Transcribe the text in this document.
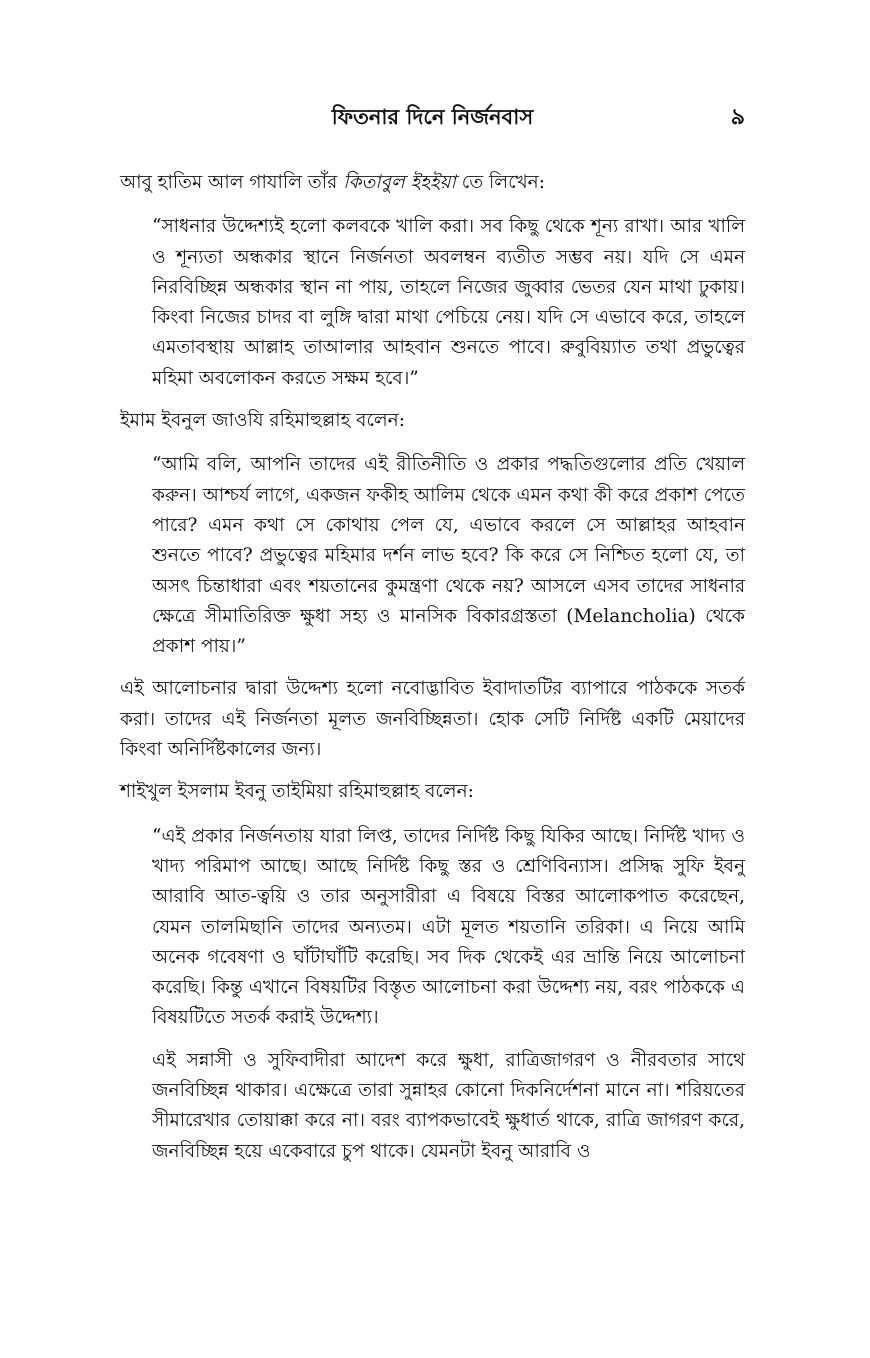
ফিতনার দিনে নির্জনবাস	৯

আবু হাতিম আল গাযালি তাঁর কিতাবুল ইহইয়া তে লিখেন:

“সাধনার উদ্দেশ্যই হলো কলবকে খালি করা। সব কিছু থেকে শূন্য রাখা। আর খালি ও শূন্যতা অন্ধকার স্থানে নির্জনতা অবলম্বন ব্যতীত সম্ভব নয়। যদি সে এমন নিরবিচ্ছিন্ন অন্ধকার স্থান না পায়, তাহলে নিজের জুব্বার ভেতর যেন মাথা ঢুকায়। কিংবা নিজের চাদর বা লুঙ্গি দ্বারা মাথা পেচিয়ে নেয়। যদি সে এভাবে করে, তাহলে এমতাবস্থায় আল্লাহ তাআলার আহবান শুনতে পাবে। রুবুবিয়্যাত তথা প্রভুত্বের মহিমা অবলোকন করতে সক্ষম হবে।”

ইমাম ইবনুল জাওযি রহিমাহুল্লাহ বলেন:

“আমি বলি, আপনি তাদের এই রীতিনীতি ও প্রকার পদ্ধতিগুলোর প্রতি খেয়াল করুন। আশ্চর্য লাগে, একজন ফকীহ আলিম থেকে এমন কথা কী করে প্রকাশ পেতে পারে? এমন কথা সে কোথায় পেল যে, এভাবে করলে সে আল্লাহর আহবান শুনতে পাবে? প্রভুত্বের মহিমার দর্শন লাভ হবে? কি করে সে নিশ্চিত হলো যে, তা অসৎ চিন্তাধারা এবং শয়তানের কুমন্ত্রণা থেকে নয়? আসলে এসব তাদের সাধনার ক্ষেত্রে সীমাতিরিক্ত ক্ষুধা সহ্য ও মানসিক বিকারগ্রস্ততা (Melancholia) থেকে প্রকাশ পায়।”

এই আলোচনার দ্বারা উদ্দেশ্য হলো নবোদ্ভাবিত ইবাদাতটির ব্যাপারে পাঠককে সতর্ক করা। তাদের এই নির্জনতা মূলত জনবিচ্ছিন্নতা। হোক সেটি নির্দিষ্ট একটি মেয়াদের কিংবা অনির্দিষ্টকালের জন্য।

শাইখুল ইসলাম ইবনু তাইমিয়া রহিমাহুল্লাহ বলেন:

“এই প্রকার নির্জনতায় যারা লিপ্ত, তাদের নির্দিষ্ট কিছু যিকির আছে। নির্দিষ্ট খাদ্য ও খাদ্য পরিমাপ আছে। আছে নির্দিষ্ট কিছু স্তর ও শ্রেণিবিন্যাস। প্রসিদ্ধ সুফি ইবনু আরাবি আত-ত্বয়ি ও তার অনুসারীরা এ বিষয়ে বিস্তর আলোকপাত করেছেন, যেমন তালমিছানি তাদের অন্যতম। এটা মূলত শয়তানি তরিকা। এ নিয়ে আমি অনেক গবেষণা ও ঘাঁটাঘাঁটি করেছি। সব দিক থেকেই এর ভ্রান্তি নিয়ে আলোচনা করেছি। কিন্তু এখানে বিষয়টির বিস্তৃত আলোচনা করা উদ্দেশ্য নয়, বরং পাঠককে এ বিষয়টিতে সতর্ক করাই উদ্দেশ্য।

এই সন্নাসী ও সুফিবাদীরা আদেশ করে ক্ষুধা, রাত্রিজাগরণ ও নীরবতার সাথে জনবিচ্ছিন্ন থাকার। এক্ষেত্রে তারা সুন্নাহর কোনো দিকনির্দেশনা মানে না। শরিয়তের সীমারেখার তোয়াক্কা করে না। বরং ব্যাপকভাবেই ক্ষুধার্ত থাকে, রাত্রি জাগরণ করে, জনবিচ্ছিন্ন হয়ে একেবারে চুপ থাকে। যেমনটা ইবনু আরাবি ও
